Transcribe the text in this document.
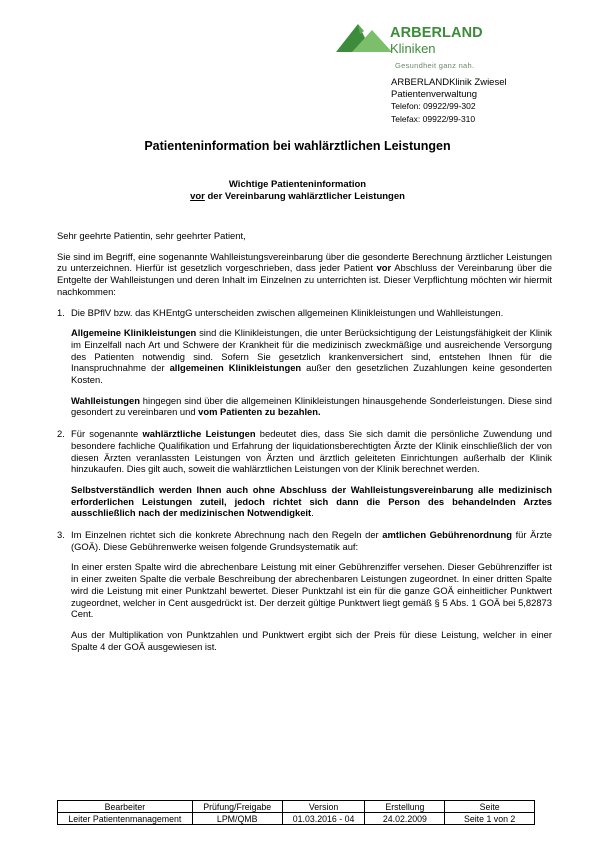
ARBERLAND
Kliniken
Gesundheit ganz nah.
ARBERLANDKlinik Zwiesel
Patientenverwaltung
Telefon: 09922/99-302
Telefax: 09922/99-310
Patienteninformation bei wahlärztlichen Leistungen
Wichtige Patienteninformation
vor der Vereinbarung wahlärztlicher Leistungen

Sehr geehrte Patientin, sehr geehrter Patient,

Sie sind im Begriff, eine sogenannte Wahlleistungsvereinbarung über die gesonderte Berechnung ärztlicher Leistungen zu unterzeichnen. Hierfür ist gesetzlich vorgeschrieben, dass jeder Patient vor Abschluss der Vereinbarung über die Entgelte der Wahlleistungen und deren Inhalt im Einzelnen zu unterrichten ist. Dieser Verpflichtung möchten wir hiermit nachkommen:

1. Die BPflV bzw. das KHEntgG unterscheiden zwischen allgemeinen Klinikleistungen und Wahlleistungen.

Allgemeine Klinikleistungen sind die Klinikleistungen, die unter Berücksichtigung der Leistungsfähigkeit der Klinik im Einzelfall nach Art und Schwere der Krankheit für die medizinisch zweckmäßige und ausreichende Versorgung des Patienten notwendig sind. Sofern Sie gesetzlich krankenversichert sind, entstehen Ihnen für die Inanspruchnahme der allgemeinen Klinikleistungen außer den gesetzlichen Zuzahlungen keine gesonderten Kosten.

Wahlleistungen hingegen sind über die allgemeinen Klinikleistungen hinausgehende Sonderleistungen. Diese sind gesondert zu vereinbaren und vom Patienten zu bezahlen.

2. Für sogenannte wahlärztliche Leistungen bedeutet dies, dass Sie sich damit die persönliche Zuwendung und besondere fachliche Qualifikation und Erfahrung der liquidationsberechtigten Ärzte der Klinik einschließlich der von diesen Ärzten veranlassten Leistungen von Ärzten und ärztlich geleiteten Einrichtungen außerhalb der Klinik hinzukaufen. Dies gilt auch, soweit die wahlärztlichen Leistungen von der Klinik berechnet werden.

Selbstverständlich werden Ihnen auch ohne Abschluss der Wahlleistungsvereinbarung alle medizinisch erforderlichen Leistungen zuteil, jedoch richtet sich dann die Person des behandelnden Arztes ausschließlich nach der medizinischen Notwendigkeit.

3. Im Einzelnen richtet sich die konkrete Abrechnung nach den Regeln der amtlichen Gebührenordnung für Ärzte (GOÄ). Diese Gebührenwerke weisen folgende Grundsystematik auf:

In einer ersten Spalte wird die abrechenbare Leistung mit einer Gebührenziffer versehen. Dieser Gebührenziffer ist in einer zweiten Spalte die verbale Beschreibung der abrechenbaren Leistungen zugeordnet. In einer dritten Spalte wird die Leistung mit einer Punktzahl bewertet. Dieser Punktzahl ist ein für die ganze GOÄ einheitlicher Punktwert zugeordnet, welcher in Cent ausgedrückt ist. Der derzeit gültige Punktwert liegt gemäß § 5 Abs. 1 GOÄ bei 5,82873 Cent.

Aus der Multiplikation von Punktzahlen und Punktwert ergibt sich der Preis für diese Leistung, welcher in einer Spalte 4 der GOÄ ausgewiesen ist.

Bearbeiter	Prüfung/Freigabe	Version	Erstellung	Seite
Leiter Patientenmanagement	LPM/QMB	01.03.2016 - 04	24.02.2009	Seite 1 von 2
